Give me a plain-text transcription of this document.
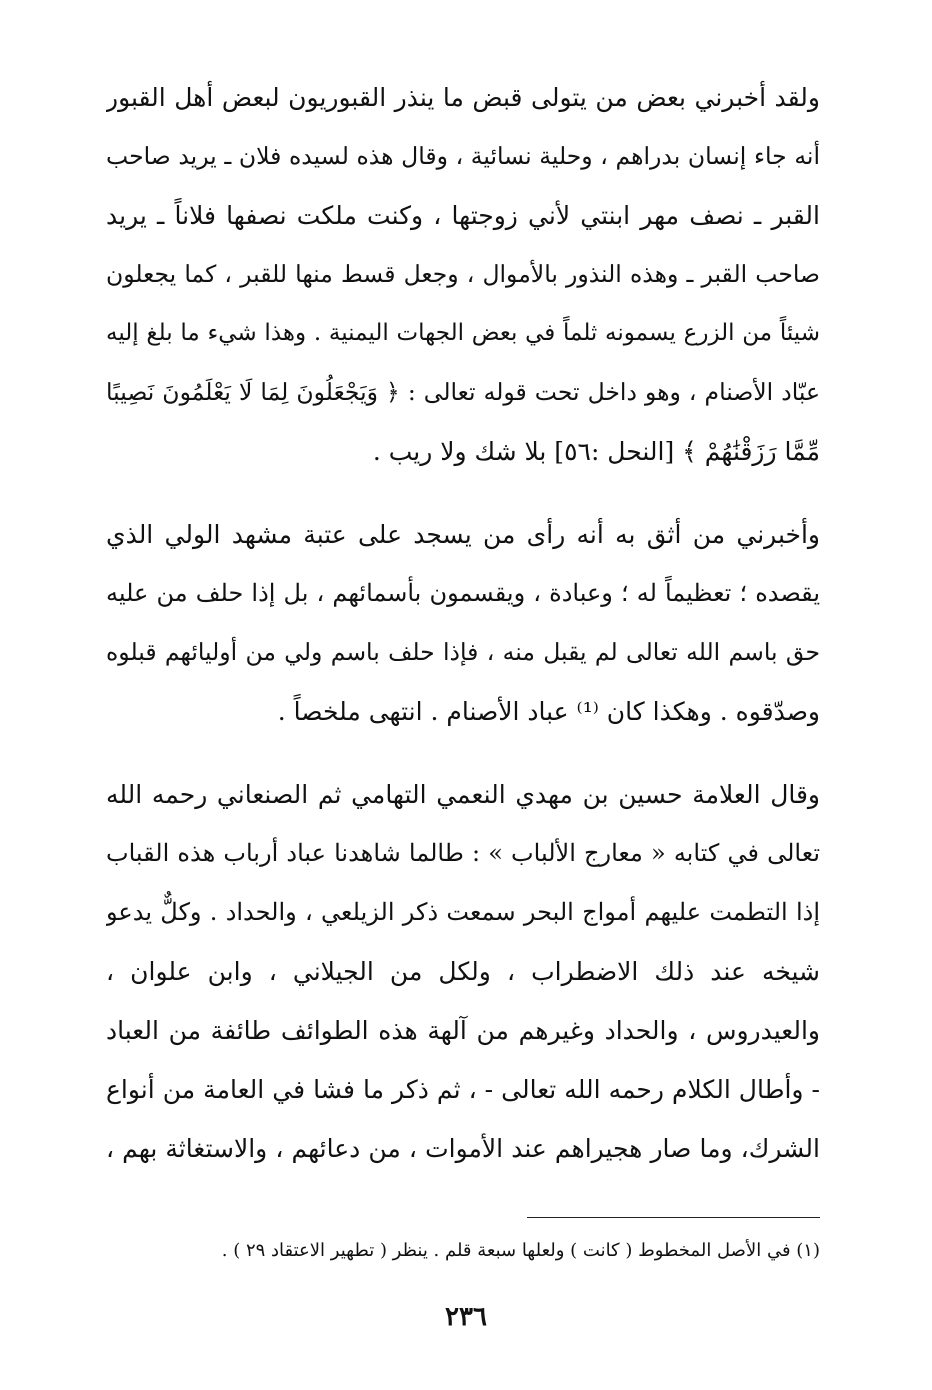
ولقد أخبرني بعض من يتولى قبض ما ينذر القبوريون لبعض أهل القبور
أنه جاء إنسان بدراهم ، وحلية نسائية ، وقال هذه لسيده فلان ـ يريد صاحب
القبر ـ نصف مهر ابنتي لأني زوجتها ، وكنت ملكت نصفها فلاناً ـ يريد
صاحب القبر ـ وهذه النذور بالأموال ، وجعل قسط منها للقبر ، كما يجعلون
شيئاً من الزرع يسمونه ثلماً في بعض الجهات اليمنية . وهذا شيء ما بلغ إليه
عبّاد الأصنام ، وهو داخل تحت قوله تعالى : ﴿ وَيَجْعَلُونَ لِمَا لَا يَعْلَمُونَ نَصِيبًا
مِّمَّا رَزَقْنَٰهُمْ ﴾ [النحل :٥٦] بلا شك ولا ريب .
وأخبرني من أثق به أنه رأى من يسجد على عتبة مشهد الولي الذي
يقصده ؛ تعظيماً له ؛ وعبادة ، ويقسمون بأسمائهم ، بل إذا حلف من عليه
حق باسم الله تعالى لم يقبل منه ، فإذا حلف باسم ولي من أوليائهم قبلوه
وصدّقوه . وهكذا كان ⁽¹⁾ عباد الأصنام . انتهى ملخصاً .
وقال العلامة حسين بن مهدي النعمي التهامي ثم الصنعاني رحمه الله
تعالى في كتابه « معارج الألباب » : طالما شاهدنا عباد أرباب هذه القباب
إذا التطمت عليهم أمواج البحر سمعت ذكر الزيلعي ، والحداد . وكلٌّ يدعو
شيخه عند ذلك الاضطراب ، ولكل من الجيلاني ، وابن علوان ،
والعيدروس ، والحداد وغيرهم من آلهة هذه الطوائف طائفة من العباد
- وأطال الكلام رحمه الله تعالى - ، ثم ذكر ما فشا في العامة من أنواع
الشرك، وما صار هجيراهم عند الأموات ، من دعائهم ، والاستغاثة بهم ،
(١) في الأصل المخطوط ( كانت ) ولعلها سبعة قلم . ينظر ( تطهير الاعتقاد ٢٩ ) .
٢٣٦
